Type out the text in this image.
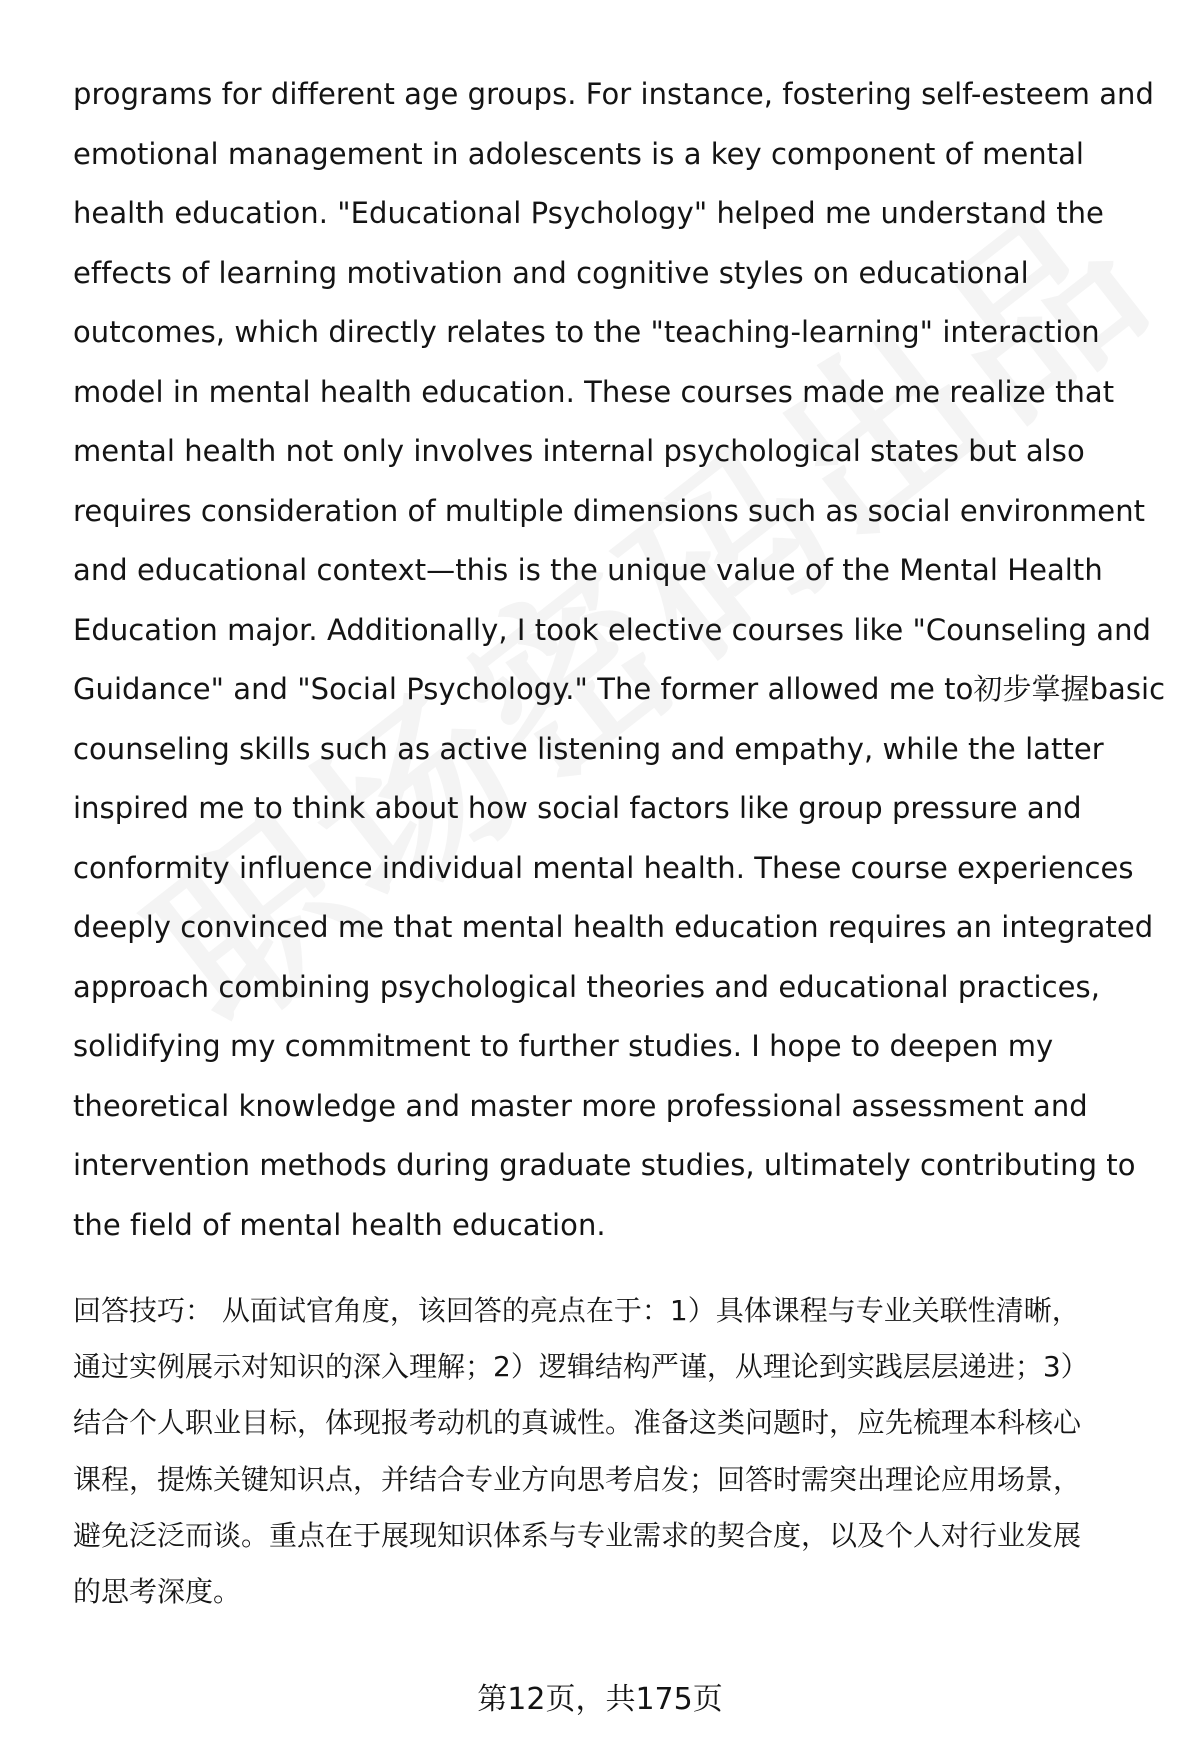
programs for different age groups. For instance, fostering self-esteem and
emotional management in adolescents is a key component of mental
health education. "Educational Psychology" helped me understand the
effects of learning motivation and cognitive styles on educational
outcomes, which directly relates to the "teaching-learning" interaction
model in mental health education. These courses made me realize that
mental health not only involves internal psychological states but also
requires consideration of multiple dimensions such as social environment
and educational context—this is the unique value of the Mental Health
Education major. Additionally, I took elective courses like "Counseling and
Guidance" and "Social Psychology." The former allowed me to初步掌握basic
counseling skills such as active listening and empathy, while the latter
inspired me to think about how social factors like group pressure and
conformity influence individual mental health. These course experiences
deeply convinced me that mental health education requires an integrated
approach combining psychological theories and educational practices,
solidifying my commitment to further studies. I hope to deepen my
theoretical knowledge and master more professional assessment and
intervention methods during graduate studies, ultimately contributing to
the field of mental health education.
回答技巧： 从面试官角度，该回答的亮点在于：1）具体课程与专业关联性清晰，
通过实例展示对知识的深入理解；2）逻辑结构严谨，从理论到实践层层递进；3）
结合个人职业目标，体现报考动机的真诚性。准备这类问题时，应先梳理本科核心
课程，提炼关键知识点，并结合专业方向思考启发；回答时需突出理论应用场景，
避免泛泛而谈。重点在于展现知识体系与专业需求的契合度，以及个人对行业发展
的思考深度。
第12页，共175页
